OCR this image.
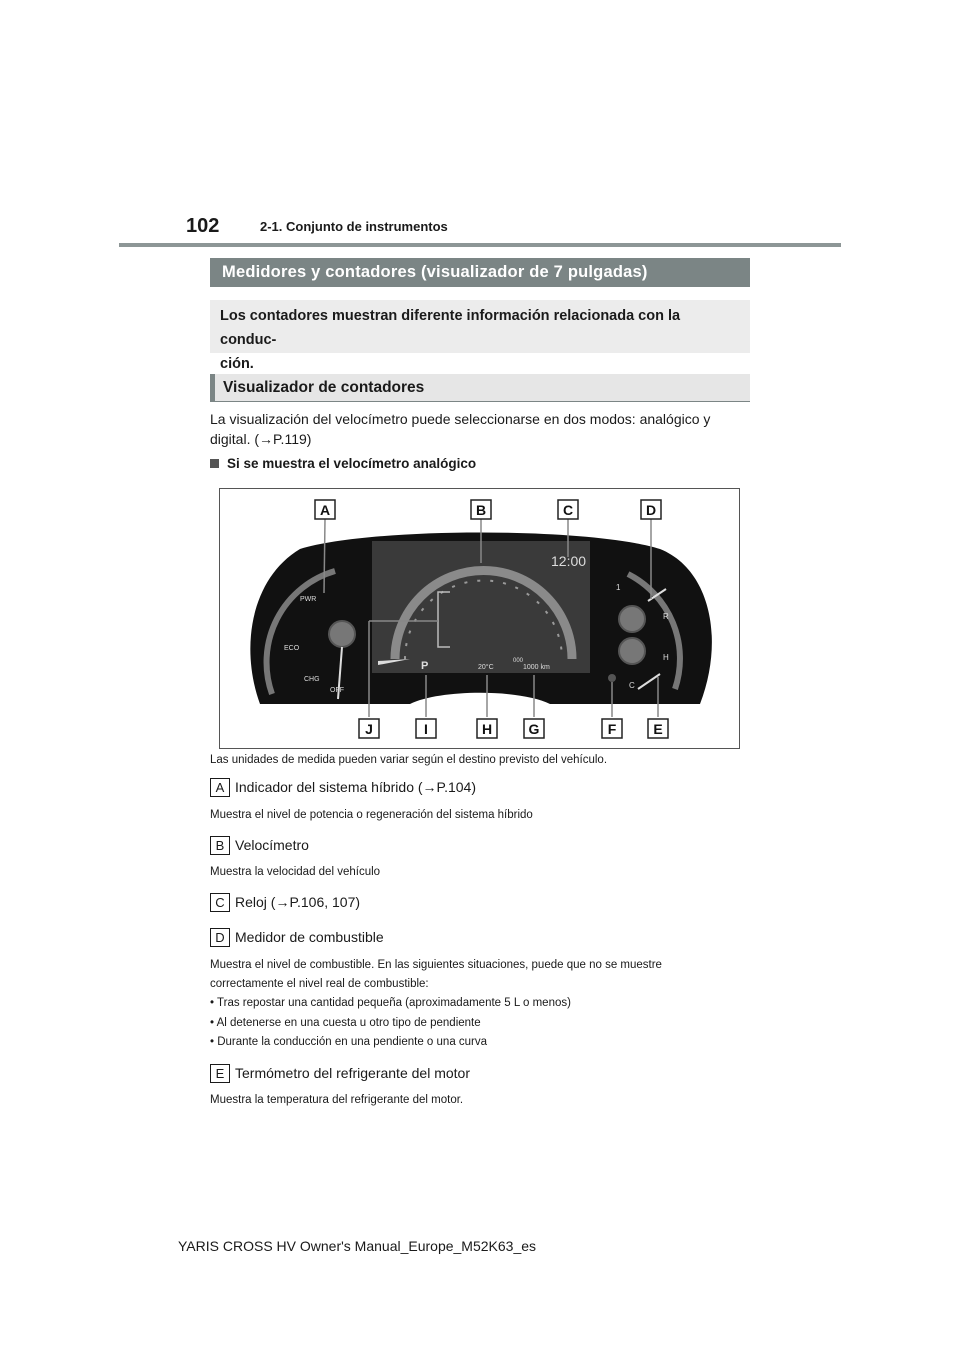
102	2-1. Conjunto de instrumentos
Medidores y contadores (visualizador de 7 pulgadas)
Los contadores muestran diferente información relacionada con la conduc-
ción.
Visualizador de contadores
La visualización del velocímetro puede seleccionarse en dos modos: analógico y
digital. (→P.119)
Si se muestra el velocímetro analógico
A	B	C	D
J	I	H	G	F	E
12:00
P	20°C
000
1000 km
PWR
ECO
CHG
OFF
1
R
H
C
Las unidades de medida pueden variar según el destino previsto del vehículo.
A Indicador del sistema híbrido (→P.104)
Muestra el nivel de potencia o regeneración del sistema híbrido
B Velocímetro
Muestra la velocidad del vehículo
C Reloj (→P.106, 107)
D Medidor de combustible
Muestra el nivel de combustible. En las siguientes situaciones, puede que no se muestre
correctamente el nivel real de combustible:
• Tras repostar una cantidad pequeña (aproximadamente 5 L o menos)
• Al detenerse en una cuesta u otro tipo de pendiente
• Durante la conducción en una pendiente o una curva
E Termómetro del refrigerante del motor
Muestra la temperatura del refrigerante del motor.
YARIS CROSS HV Owner's Manual_Europe_M52K63_es
